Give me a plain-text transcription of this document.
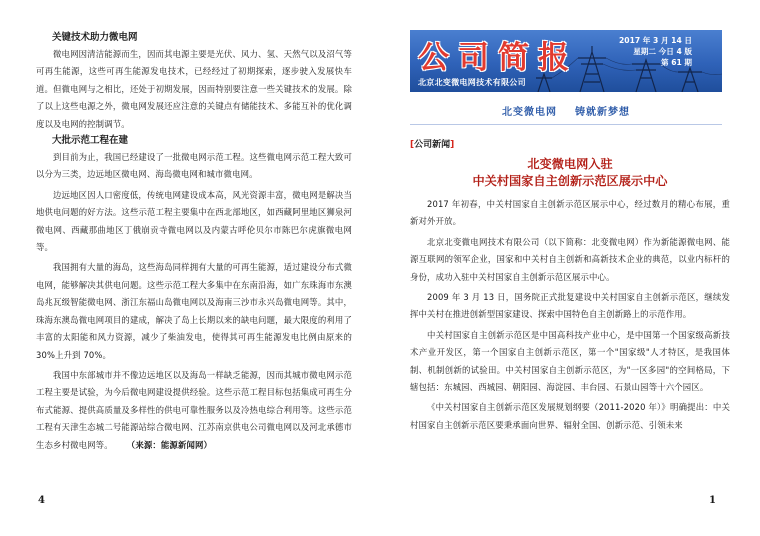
关键技术助力微电网

微电网因清洁能源而生，因而其电源主要是光伏、风力、氢、天然气以及沼气等可再生能源，这些可再生能源发电技术，已经经过了初期探索，逐步驶入发展快车道。但微电网与之相比，还处于初期发展，因而特别要注意一些关键技术的发展。除了以上这些电源之外，微电网发展还应注意的关键点有储能技术、多能互补的优化调度以及电网的控制调节。

大批示范工程在建

到目前为止，我国已经建设了一批微电网示范工程。这些微电网示范工程大致可以分为三类，边远地区微电网、海岛微电网和城市微电网。

边远地区因人口密度低，传统电网建设成本高，风光资源丰富，微电网是解决当地供电问题的好方法。这些示范工程主要集中在西北部地区，如西藏阿里地区狮泉河微电网、西藏那曲地区丁俄崩贡寺微电网以及内蒙古呼伦贝尔市陈巴尔虎旗微电网等。

我国拥有大量的海岛，这些海岛同样拥有大量的可再生能源，适过建设分布式微电网，能够解决其供电问题。这些示范工程大多集中在东南沿海，如广东珠海市东澳岛兆瓦级智能微电网、浙江东福山岛微电网以及海南三沙市永兴岛微电网等。其中，珠海东澳岛微电网项目的建成，解决了岛上长期以来的缺电问题，最大限度的利用了丰富的太阳能和风力资源，减少了柴油发电，使得其可再生能源发电比例由原来的 30%上升到 70%。

我国中东部城市并不像边远地区以及海岛一样缺乏能源，因而其城市微电网示范工程主要是试验，为今后微电网建设提供经验。这些示范工程目标包括集成可再生分布式能源、提供高质量及多样性的供电可靠性服务以及冷热电综合利用等。这些示范工程有天津生态城二号能源站综合微电网、江苏南京供电公司微电网以及河北承德市生态乡村微电网等。 （来源：能源新闻网）

4
公司简报	2017 年 3 月 14 日
星期二 今日 4 版
第 61 期
北京北变微电网技术有限公司
北变微电网    铸就新梦想
[公司新闻]
北变微电网入驻
中关村国家自主创新示范区展示中心

2017 年初春，中关村国家自主创新示范区展示中心，经过数月的精心布展，重新对外开放。

北京北变微电网技术有限公司（以下简称：北变微电网）作为新能源微电网、能源互联网的领军企业，国家和中关村自主创新和高新技术企业的典范，以业内标杆的身份，成功入驻中关村国家自主创新示范区展示中心。

2009 年 3 月 13 日，国务院正式批复建设中关村国家自主创新示范区，继续发挥中关村在推进创新型国家建设、探索中国特色自主创新路上的示范作用。

中关村国家自主创新示范区是中国高科技产业中心，是中国第一个国家级高新技术产业开发区，第一个国家自主创新示范区，第一个"国家级"人才特区，是我国体制、机制创新的试验田。中关村国家自主创新示范区，为"一区多园"的空间格局，下辖包括：东城园、西城园、朝阳园、海淀园、丰台园、石景山园等十六个园区。

《中关村国家自主创新示范区发展规划纲要（2011-2020 年）》明确提出：中关村国家自主创新示范区要秉承面向世界、辐射全国、创新示范、引领未来

1
